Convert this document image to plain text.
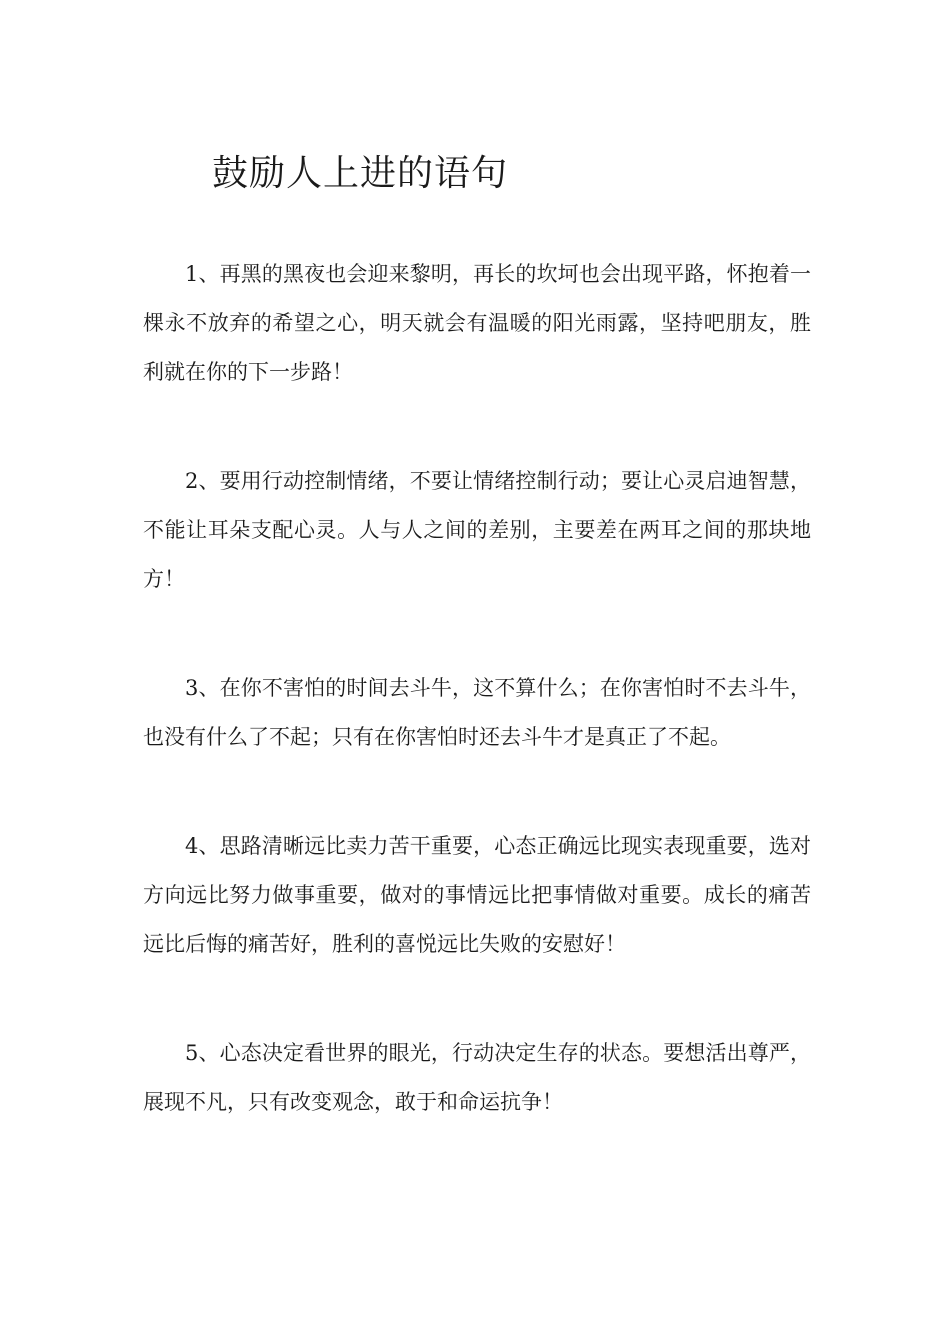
鼓励人上进的语句

1、再黑的黑夜也会迎来黎明，再长的坎坷也会出现平路，怀抱着一棵永不放弃的希望之心，明天就会有温暖的阳光雨露，坚持吧朋友，胜利就在你的下一步路！

2、要用行动控制情绪，不要让情绪控制行动；要让心灵启迪智慧，不能让耳朵支配心灵。人与人之间的差别，主要差在两耳之间的那块地方！

3、在你不害怕的时间去斗牛，这不算什么；在你害怕时不去斗牛，也没有什么了不起；只有在你害怕时还去斗牛才是真正了不起。

4、思路清晰远比卖力苦干重要，心态正确远比现实表现重要，选对方向远比努力做事重要，做对的事情远比把事情做对重要。成长的痛苦远比后悔的痛苦好，胜利的喜悦远比失败的安慰好！

5、心态决定看世界的眼光，行动决定生存的状态。要想活出尊严，展现不凡，只有改变观念，敢于和命运抗争！
